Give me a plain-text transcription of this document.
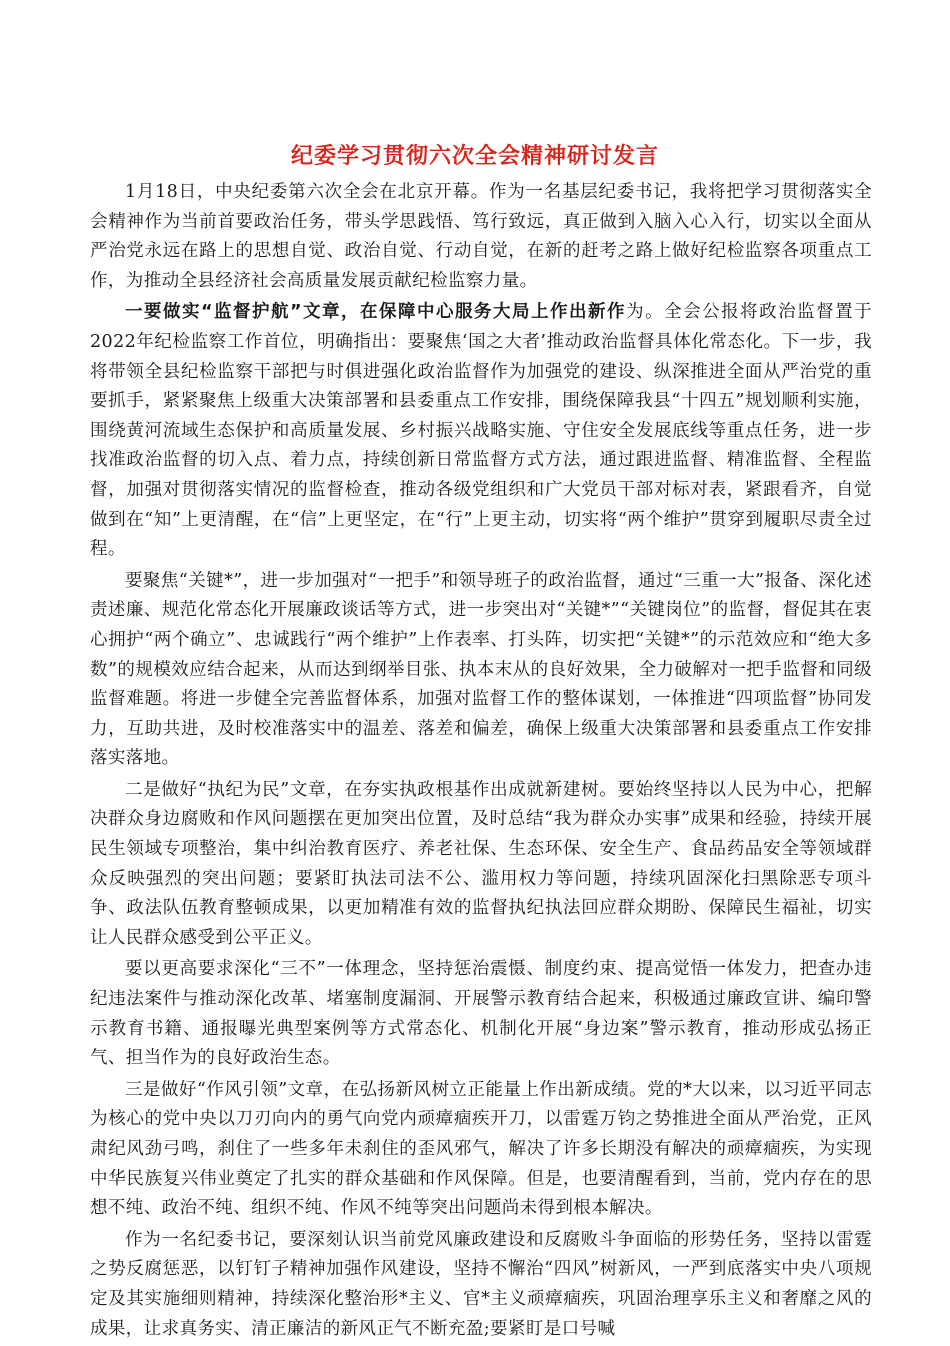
纪委学习贯彻六次全会精神研讨发言

1月18日，中央纪委第六次全会在北京开幕。作为一名基层纪委书记，我将把学习贯彻落实全会精神作为当前首要政治任务，带头学思践悟、笃行致远，真正做到入脑入心入行，切实以全面从严治党永远在路上的思想自觉、政治自觉、行动自觉，在新的赶考之路上做好纪检监察各项重点工作，为推动全县经济社会高质量发展贡献纪检监察力量。

一要做实“监督护航”文章，在保障中心服务大局上作出新作为。全会公报将政治监督置于2022年纪检监察工作首位，明确指出：要聚焦‘国之大者’推动政治监督具体化常态化。下一步，我将带领全县纪检监察干部把与时俱进强化政治监督作为加强党的建设、纵深推进全面从严治党的重要抓手，紧紧聚焦上级重大决策部署和县委重点工作安排，围绕保障我县“十四五”规划顺利实施，围绕黄河流域生态保护和高质量发展、乡村振兴战略实施、守住安全发展底线等重点任务，进一步找准政治监督的切入点、着力点，持续创新日常监督方式方法，通过跟进监督、精准监督、全程监督，加强对贯彻落实情况的监督检查，推动各级党组织和广大党员干部对标对表，紧跟看齐，自觉做到在“知”上更清醒，在“信”上更坚定，在“行”上更主动，切实将“两个维护”贯穿到履职尽责全过程。

要聚焦“关键*”，进一步加强对“一把手”和领导班子的政治监督，通过“三重一大”报备、深化述责述廉、规范化常态化开展廉政谈话等方式，进一步突出对“关键*”“关键岗位”的监督，督促其在衷心拥护“两个确立”、忠诚践行“两个维护”上作表率、打头阵，切实把“关键*”的示范效应和“绝大多数”的规模效应结合起来，从而达到纲举目张、执本末从的良好效果，全力破解对一把手监督和同级监督难题。将进一步健全完善监督体系，加强对监督工作的整体谋划，一体推进“四项监督”协同发力，互助共进，及时校准落实中的温差、落差和偏差，确保上级重大决策部署和县委重点工作安排落实落地。

二是做好“执纪为民”文章，在夯实执政根基作出成就新建树。要始终坚持以人民为中心，把解决群众身边腐败和作风问题摆在更加突出位置，及时总结“我为群众办实事”成果和经验，持续开展民生领域专项整治，集中纠治教育医疗、养老社保、生态环保、安全生产、食品药品安全等领域群众反映强烈的突出问题；要紧盯执法司法不公、滥用权力等问题，持续巩固深化扫黑除恶专项斗争、政法队伍教育整顿成果，以更加精准有效的监督执纪执法回应群众期盼、保障民生福祉，切实让人民群众感受到公平正义。

要以更高要求深化“三不”一体理念，坚持惩治震慑、制度约束、提高觉悟一体发力，把查办违纪违法案件与推动深化改革、堵塞制度漏洞、开展警示教育结合起来，积极通过廉政宣讲、编印警示教育书籍、通报曝光典型案例等方式常态化、机制化开展“身边案”警示教育，推动形成弘扬正气、担当作为的良好政治生态。

三是做好“作风引领”文章，在弘扬新风树立正能量上作出新成绩。党的*大以来，以习近平同志为核心的党中央以刀刃向内的勇气向党内顽瘴痼疾开刀，以雷霆万钧之势推进全面从严治党，正风肃纪风劲弓鸣，刹住了一些多年未刹住的歪风邪气，解决了许多长期没有解决的顽瘴痼疾，为实现中华民族复兴伟业奠定了扎实的群众基础和作风保障。但是，也要清醒看到，当前，党内存在的思想不纯、政治不纯、组织不纯、作风不纯等突出问题尚未得到根本解决。

作为一名纪委书记，要深刻认识当前党风廉政建设和反腐败斗争面临的形势任务，坚持以雷霆之势反腐惩恶，以钉钉子精神加强作风建设，坚持不懈治“四风”树新风，一严到底落实中央八项规定及其实施细则精神，持续深化整治形*主义、官*主义顽瘴痼疾，巩固治理享乐主义和奢靡之风的成果，让求真务实、清正廉洁的新风正气不断充盈;要紧盯是口号喊
